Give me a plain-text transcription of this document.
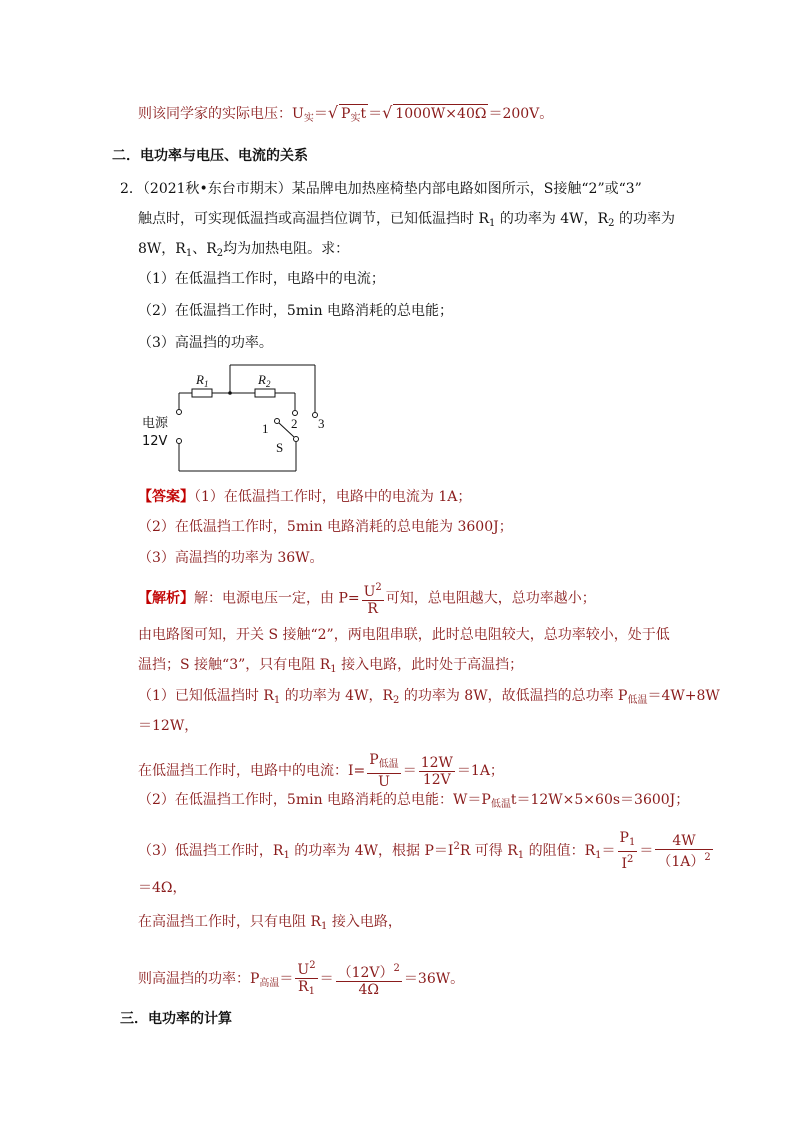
则该同学家的实际电压：$U_实=√$ $P_实t$ ＝√ 1000W×40Ω ＝200V。
二．电功率与电压、电流的关系
2．（2021秋•东台市期末）某品牌电加热座椅垫内部电路如图所示，S接触“2”或“3”
触点时，可实现低温挡或高温挡位调节，已知低温挡时 $R_1$ 的功率为 4W，$R_2$ 的功率为
8W，$R_1$、$R_2$均为加热电阻。求：
（1）在低温挡工作时，电路中的电流；
（2）在低温挡工作时，5min 电路消耗的总电能；
（3）高温挡的功率。
$R_1$	$R_2$
电源
12V
1 2 3
S
【答案】（1）在低温挡工作时，电路中的电流为 1A；
（2）在低温挡工作时，5min 电路消耗的总电能为 3600J；
（3）高温挡的功率为 36W。
【解析】解：电源电压一定，由 $P= \frac{U^2}{R}$ 可知，总电阻越大，总功率越小；
由电路图可知，开关 S 接触“2”，两电阻串联，此时总电阻较大，总功率较小，处于低
温挡；S 接触“3”，只有电阻 $R_1$ 接入电路，此时处于高温挡；
（1）已知低温挡时 $R_1$ 的功率为 4W，$R_2$ 的功率为 8W，故低温挡的总功率 $P_{低温}=4W+8W$
＝12W，
在低温挡工作时，电路中的电流：$I= \frac{P_{低温}}{U} = \frac{12W}{12V} =1A$；
（2）在低温挡工作时，5min 电路消耗的总电能：$W=P_{低温}t=12W\times 5\times 60s=3600J$；
（3）低温挡工作时，$R_1$ 的功率为 4W，根据 $P=I^2R$ 可得 $R_1$ 的阻值：$R_1= \frac{P_1}{I^2} = \frac{4W}{(1A)^2}$
＝4Ω，
在高温挡工作时，只有电阻 $R_1$ 接入电路，
则高温挡的功率：$P_{高温}= \frac{U^2}{R_1} = \frac{(12V)^2}{4\Omega} =36W$。
三．电功率的计算
